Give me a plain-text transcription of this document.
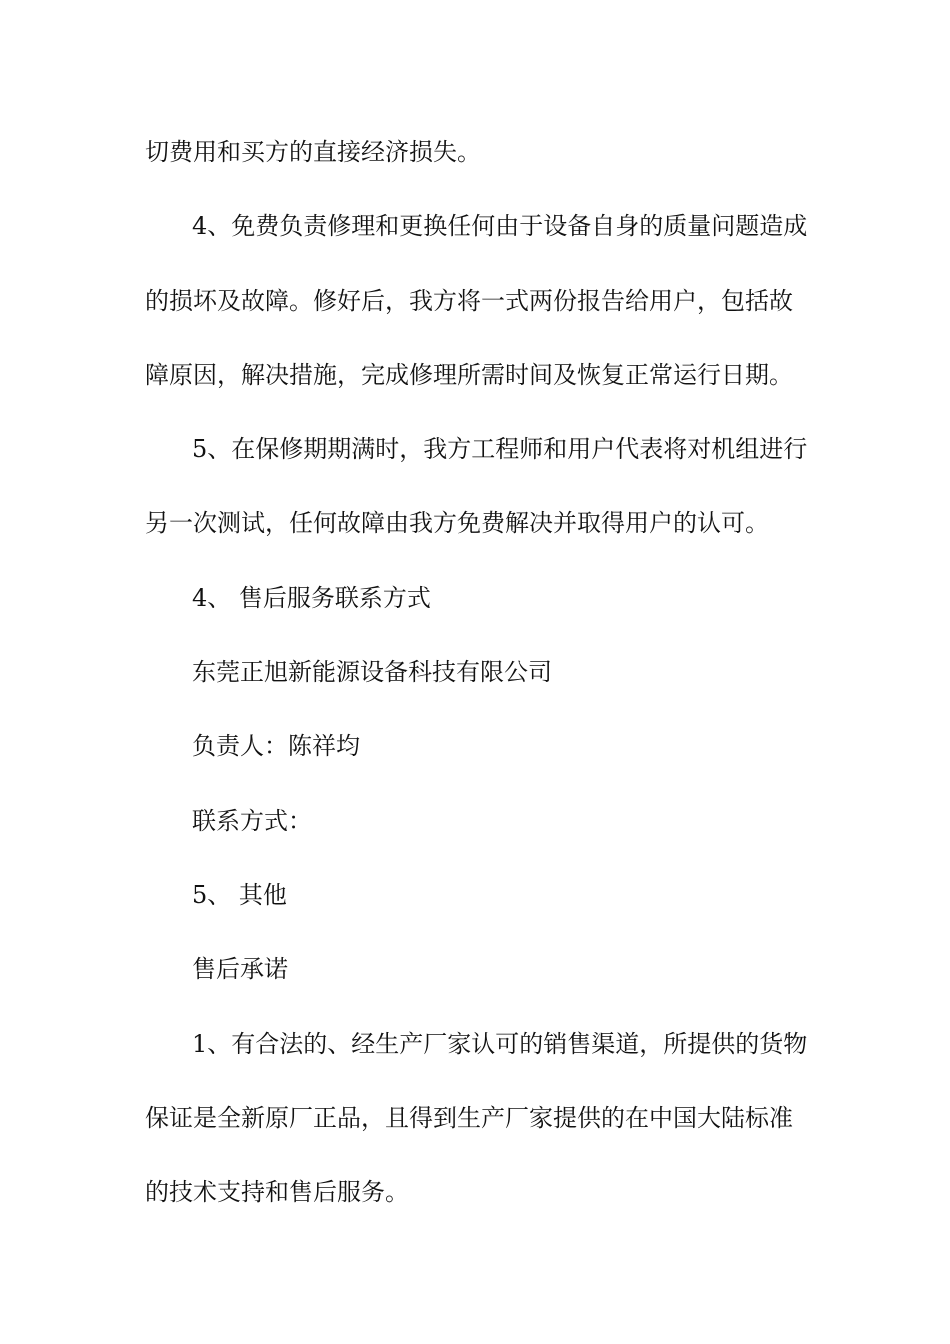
切费用和买方的直接经济损失。
4、免费负责修理和更换任何由于设备自身的质量问题造成
的损坏及故障。修好后，我方将一式两份报告给用户，包括故
障原因，解决措施，完成修理所需时间及恢复正常运行日期。
5、在保修期期满时，我方工程师和用户代表将对机组进行
另一次测试，任何故障由我方免费解决并取得用户的认可。
4、 售后服务联系方式
东莞正旭新能源设备科技有限公司
负责人：陈祥均
联系方式：
5、 其他
售后承诺
1、有合法的、经生产厂家认可的销售渠道，所提供的货物
保证是全新原厂正品，且得到生产厂家提供的在中国大陆标准
的技术支持和售后服务。
